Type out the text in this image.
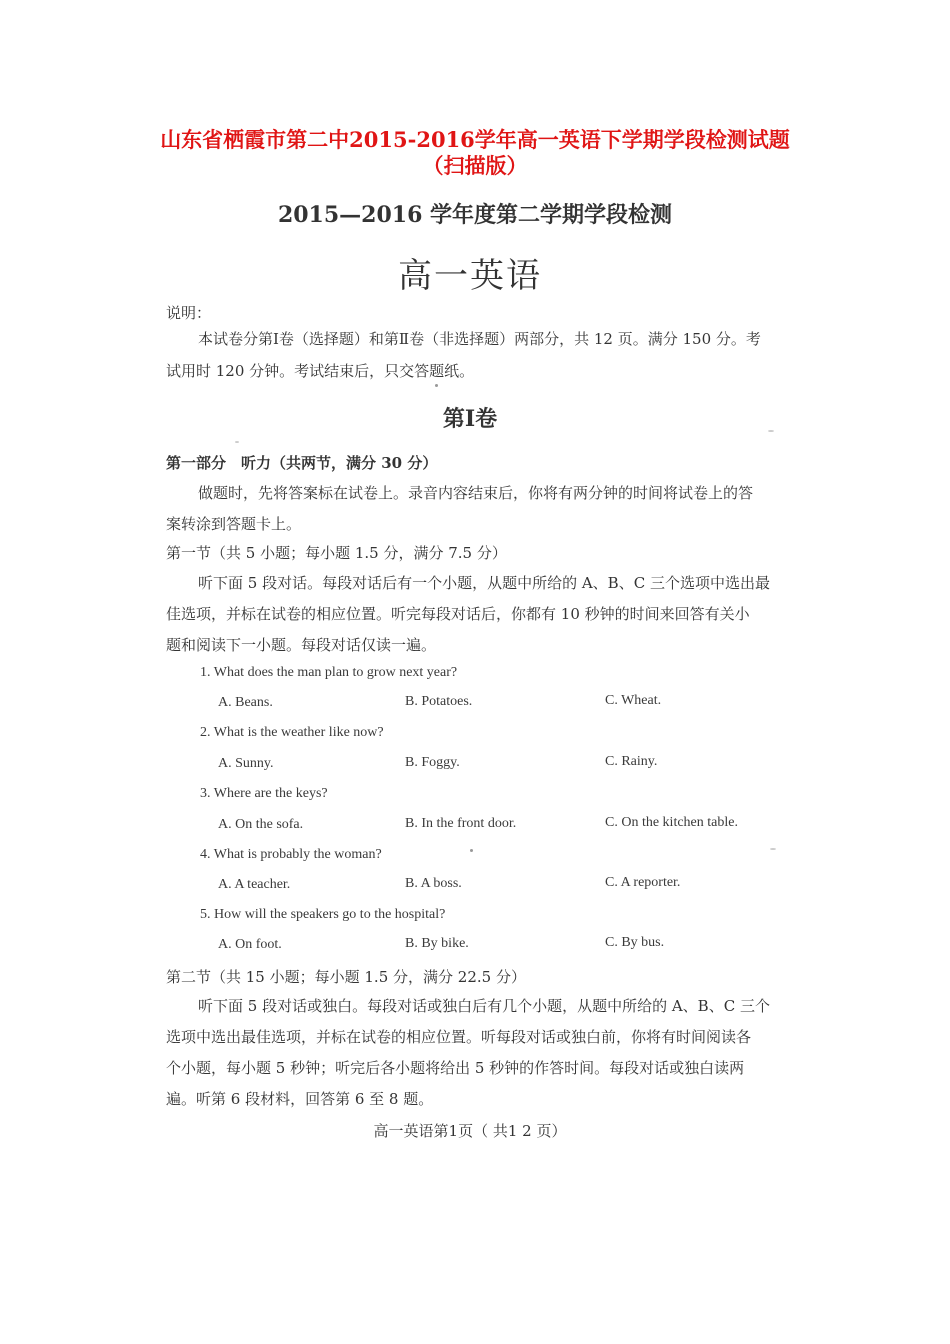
山东省栖霞市第二中2015-2016学年高一英语下学期学段检测试题
（扫描版）
2015—2016 学年度第二学期学段检测
高一英语
说明：
本试卷分第Ⅰ卷（选择题）和第Ⅱ卷（非选择题）两部分，共 12 页。满分 150 分。考
试用时 120 分钟。考试结束后，只交答题纸。
第Ⅰ卷
第一部分　听力（共两节，满分 30 分）
做题时，先将答案标在试卷上。录音内容结束后，你将有两分钟的时间将试卷上的答
案转涂到答题卡上。
第一节（共 5 小题；每小题 1.5 分，满分 7.5 分）
听下面 5 段对话。每段对话后有一个小题，从题中所给的 A、B、C 三个选项中选出最
佳选项，并标在试卷的相应位置。听完每段对话后，你都有 10 秒钟的时间来回答有关小
题和阅读下一小题。每段对话仅读一遍。
1. What does the man plan to grow next year?
A. Beans.	B. Potatoes.	C. Wheat.
2. What is the weather like now?
A. Sunny.	B. Foggy.	C. Rainy.
3. Where are the keys?
A. On the sofa.	B. In the front door.	C. On the kitchen table.
4. What is probably the woman?
A. A teacher.	B. A boss.	C. A reporter.
5. How will the speakers go to the hospital?
A. On foot.	B. By bike.	C. By bus.
第二节（共 15 小题；每小题 1.5 分，满分 22.5 分）
听下面 5 段对话或独白。每段对话或独白后有几个小题，从题中所给的 A、B、C 三个
选项中选出最佳选项，并标在试卷的相应位置。听每段对话或独白前，你将有时间阅读各
个小题，每小题 5 秒钟；听完后各小题将给出 5 秒钟的作答时间。每段对话或独白读两
遍。听第 6 段材料，回答第 6 至 8 题。
高一英语第1页（ 共1 2 页）
